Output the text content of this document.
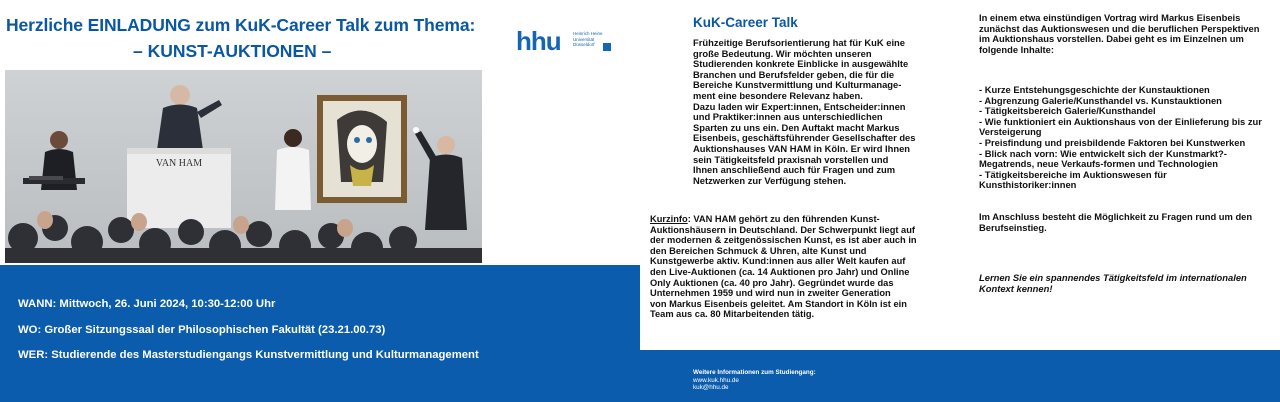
Herzliche EINLADUNG zum KuK-Career Talk zum Thema:
– KUNST-AUKTIONEN –	hhu	Heinrich Heine
Universität
Düsseldorf
VAN HAM
WANN: Mittwoch, 26. Juni 2024, 10:30-12:00 Uhr
WO: Großer Sitzungssaal der Philosophischen Fakultät (23.21.00.73)
WER: Studierende des Masterstudiengangs Kunstvermittlung und Kulturmanagement
KuK-Career Talk
Frühzeitige Berufsorientierung hat für KuK eine
große Bedeutung. Wir möchten unseren
Studierenden konkrete Einblicke in ausgewählte
Branchen und Berufsfelder geben, die für die
Bereiche Kunstvermittlung und Kulturmanage-
ment eine besondere Relevanz haben.
Dazu laden wir Expert:innen, Entscheider:innen
und Praktiker:innen aus unterschiedlichen
Sparten zu uns ein. Den Auftakt macht Markus
Eisenbeis, geschäftsführender Gesellschafter des
Auktionshauses VAN HAM in Köln. Er wird Ihnen
sein Tätigkeitsfeld praxisnah vorstellen und
Ihnen anschließend auch für Fragen und zum
Netzwerken zur Verfügung stehen.
Kurzinfo: VAN HAM gehört zu den führenden Kunst-
Auktionshäusern in Deutschland. Der Schwerpunkt liegt auf
der modernen & zeitgenössischen Kunst, es ist aber auch in
den Bereichen Schmuck & Uhren, alte Kunst und
Kunstgewerbe aktiv. Kund:innen aus aller Welt kaufen auf
den Live-Auktionen (ca. 14 Auktionen pro Jahr) und Online
Only Auktionen (ca. 40 pro Jahr). Gegründet wurde das
Unternehmen 1959 und wird nun in zweiter Generation
von Markus Eisenbeis geleitet. Am Standort in Köln ist ein
Team aus ca. 80 Mitarbeitenden tätig.
In einem etwa einstündigen Vortrag wird Markus Eisenbeis
zunächst das Auktionswesen und die beruflichen Perspektiven
im Auktionshaus vorstellen. Dabei geht es im Einzelnen um
folgende Inhalte:
- Kurze Entstehungsgeschichte der Kunstauktionen
- Abgrenzung Galerie/Kunsthandel vs. Kunstauktionen
- Tätigkeitsbereich Galerie/Kunsthandel
- Wie funktioniert ein Auktionshaus von der Einlieferung bis zur
Versteigerung
- Preisfindung und preisbildende Faktoren bei Kunstwerken
- Blick nach vorn: Wie entwickelt sich der Kunstmarkt?-
Megatrends, neue Verkaufs-formen und Technologien
- Tätigkeitsbereiche im Auktionswesen für
Kunsthistoriker:innen
Im Anschluss besteht die Möglichkeit zu Fragen rund um den
Berufseinstieg.
Lernen Sie ein spannendes Tätigkeitsfeld im internationalen
Kontext kennen!
Weitere Informationen zum Studiengang:
www.kuk.hhu.de
kuk@hhu.de
